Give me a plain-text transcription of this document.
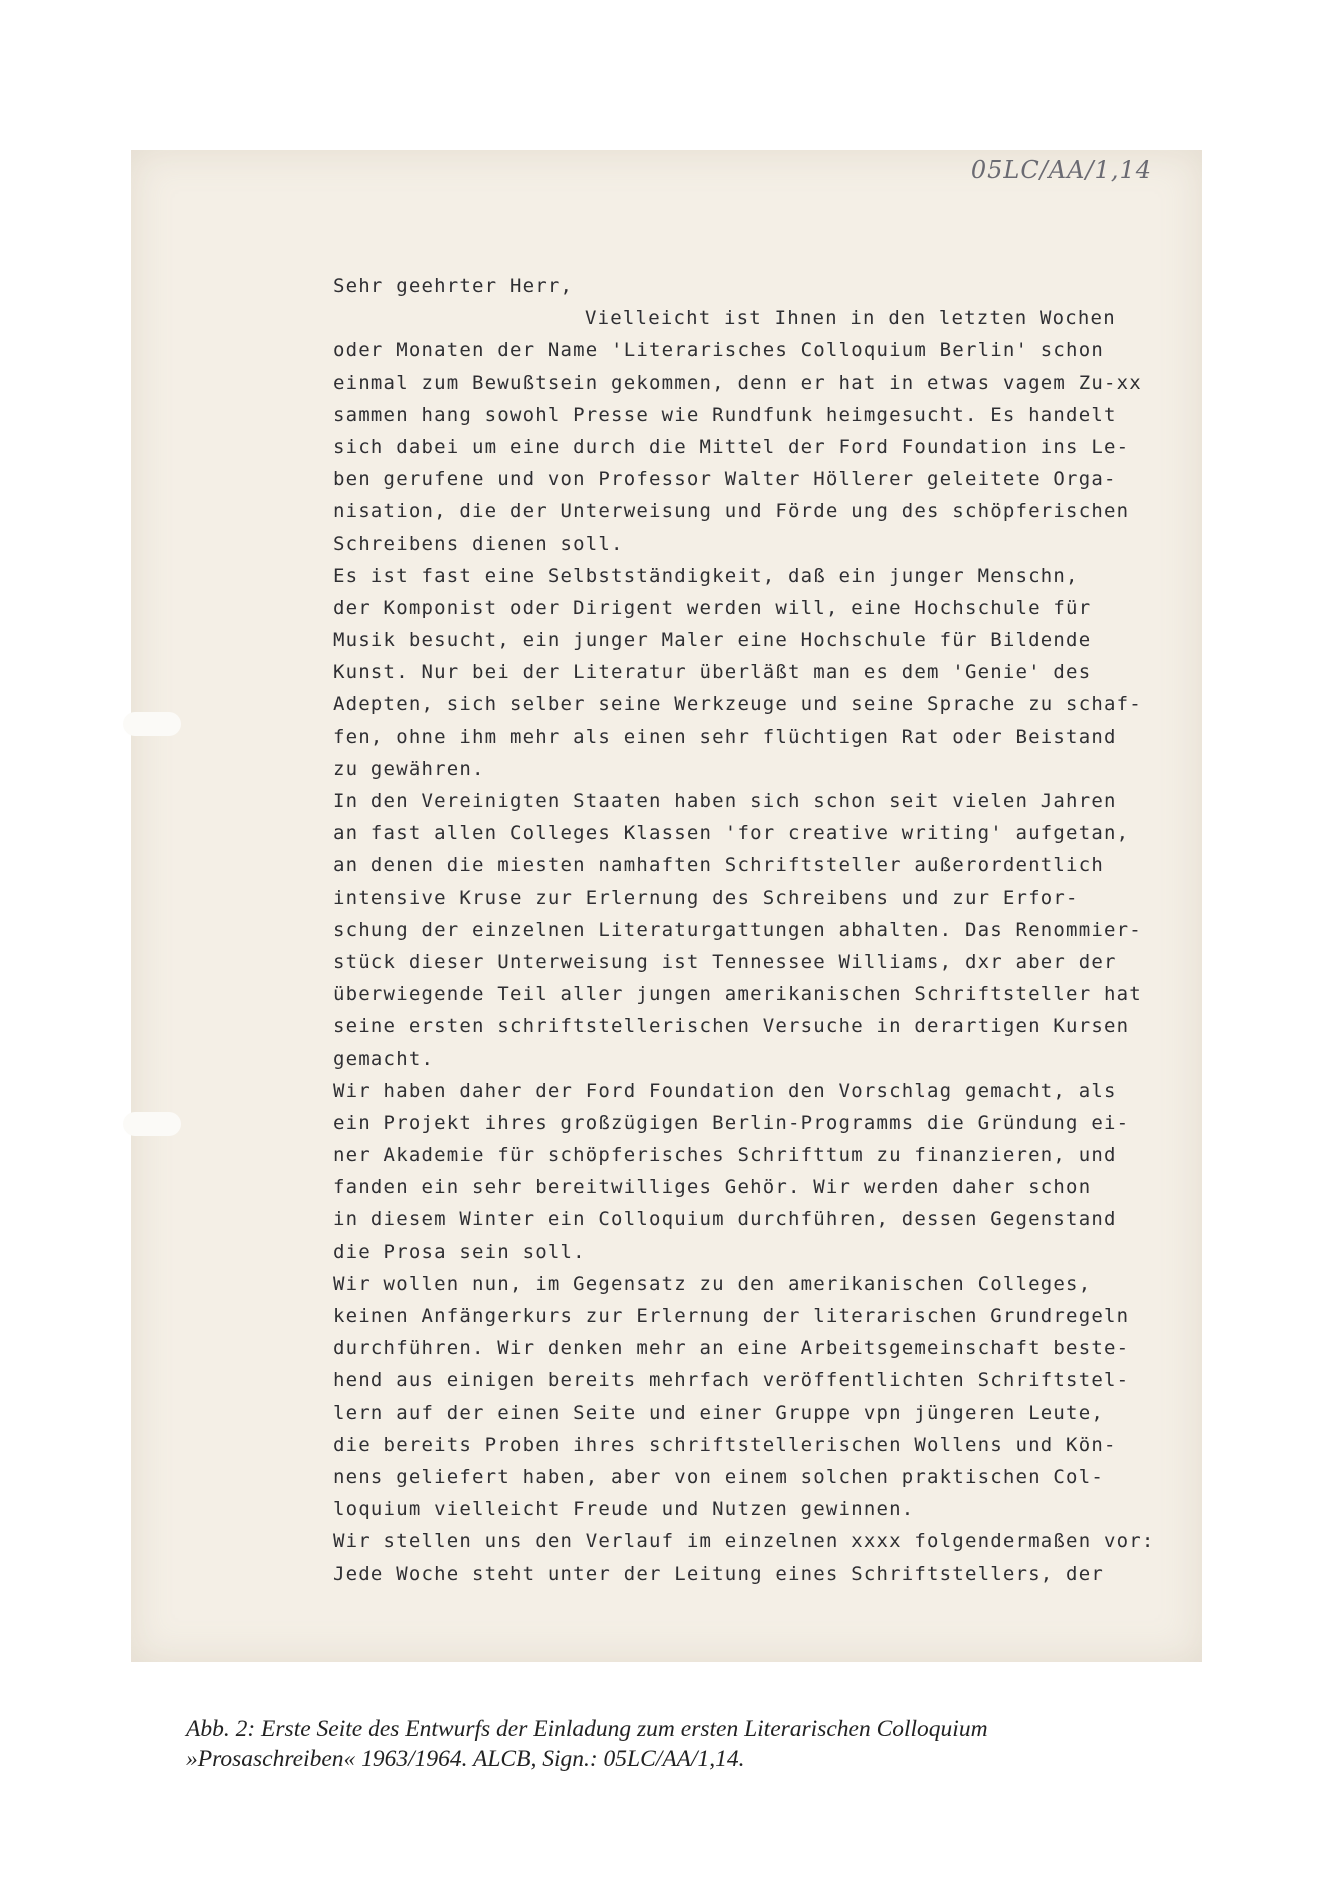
05LC/AA/1,14
Sehr geehrter Herr,
Vielleicht ist Ihnen in den letzten Wochen
oder Monaten der Name 'Literarisches Colloquium Berlin' schon
einmal zum Bewußtsein gekommen, denn er hat in etwas vagem Zu-xx
sammen hang sowohl Presse wie Rundfunk heimgesucht. Es handelt
sich dabei um eine durch die Mittel der Ford Foundation ins Le-
ben gerufene und von Professor Walter Höllerer geleitete Orga-
nisation, die der Unterweisung und Förde ung des schöpferischen
Schreibens dienen soll.
Es ist fast eine Selbstständigkeit, daß ein junger Menschn,
der Komponist oder Dirigent werden will, eine Hochschule für
Musik besucht, ein junger Maler eine Hochschule für Bildende
Kunst. Nur bei der Literatur überläßt man es dem 'Genie' des
Adepten, sich selber seine Werkzeuge und seine Sprache zu schaf-
fen, ohne ihm mehr als einen sehr flüchtigen Rat oder Beistand
zu gewähren.
In den Vereinigten Staaten haben sich schon seit vielen Jahren
an fast allen Colleges Klassen 'for creative writing' aufgetan,
an denen die miesten namhaften Schriftsteller außerordentlich
intensive Kruse zur Erlernung des Schreibens und zur Erfor-
schung der einzelnen Literaturgattungen abhalten. Das Renommier-
stück dieser Unterweisung ist Tennessee Williams, dxr aber der
überwiegende Teil aller jungen amerikanischen Schriftsteller hat
seine ersten schriftstellerischen Versuche in derartigen Kursen
gemacht.
Wir haben daher der Ford Foundation den Vorschlag gemacht, als
ein Projekt ihres großzügigen Berlin-Programms die Gründung ei-
ner Akademie für schöpferisches Schrifttum zu finanzieren, und
fanden ein sehr bereitwilliges Gehör. Wir werden daher schon
in diesem Winter ein Colloquium durchführen, dessen Gegenstand
die Prosa sein soll.
Wir wollen nun, im Gegensatz zu den amerikanischen Colleges,
keinen Anfängerkurs zur Erlernung der literarischen Grundregeln
durchführen. Wir denken mehr an eine Arbeitsgemeinschaft beste-
hend aus einigen bereits mehrfach veröffentlichten Schriftstel-
lern auf der einen Seite und einer Gruppe vpn jüngeren Leute,
die bereits Proben ihres schriftstellerischen Wollens und Kön-
nens geliefert haben, aber von einem solchen praktischen Col-
loquium vielleicht Freude und Nutzen gewinnen.
Wir stellen uns den Verlauf im einzelnen xxxx folgendermaßen vor:
Jede Woche steht unter der Leitung eines Schriftstellers, der
Abb. 2: Erste Seite des Entwurfs der Einladung zum ersten Literarischen Colloquium
»Prosaschreiben« 1963/1964. ALCB, Sign.: 05LC/AA/1,14.
